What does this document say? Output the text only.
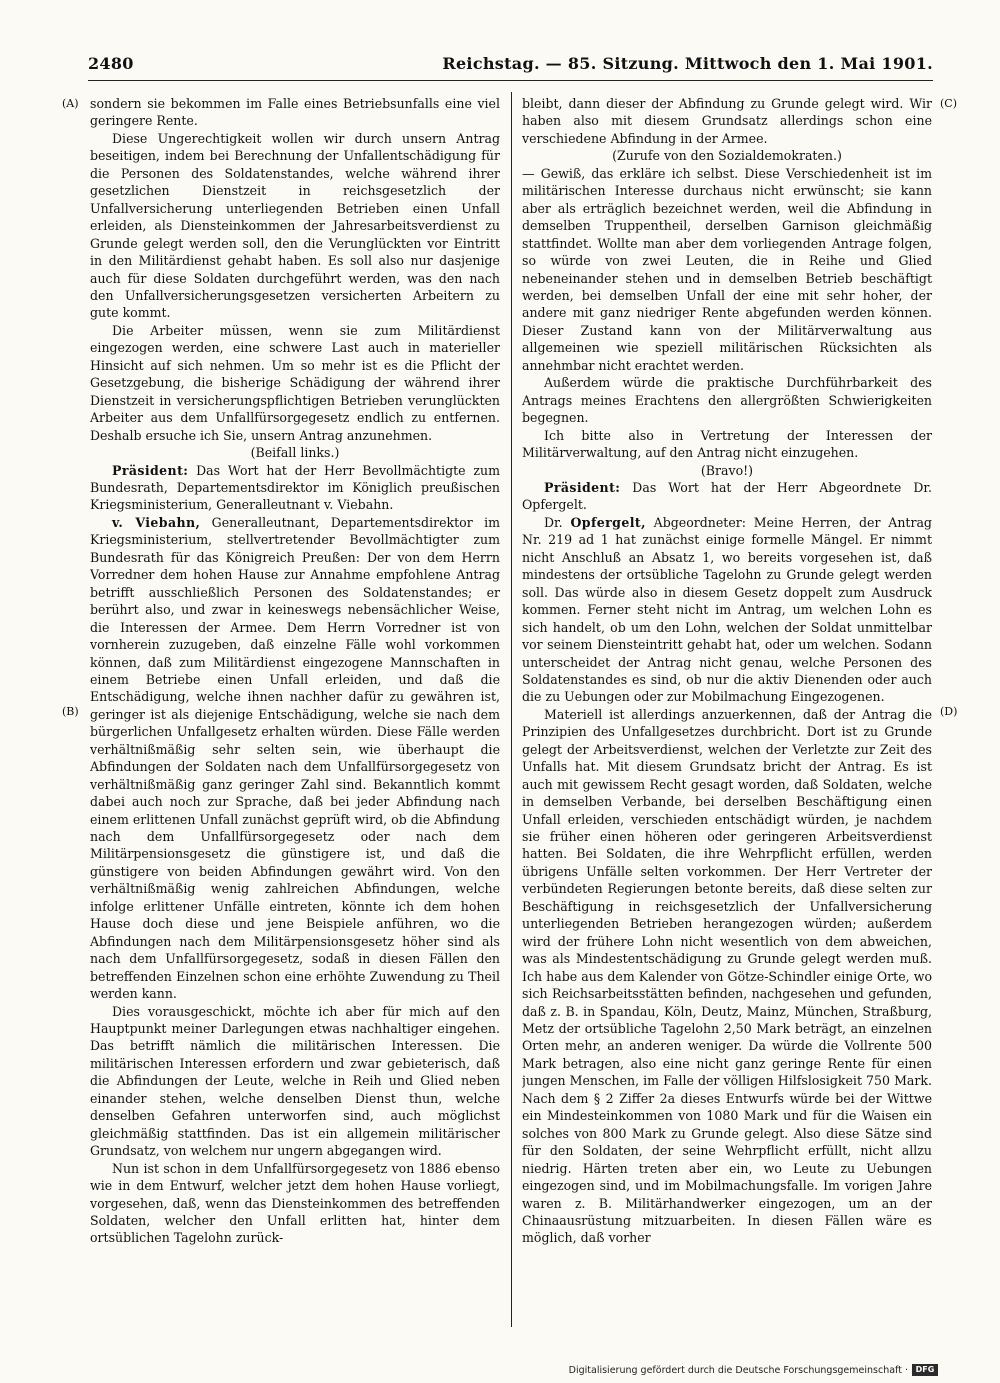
2480	Reichstag. — 85. Sitzung. Mittwoch den 1. Mai 1901.
(A)
(B)
(C)
(D)

sondern sie bekommen im Falle eines Betriebsunfalls eine viel geringere Rente.

Diese Ungerechtigkeit wollen wir durch unsern Antrag beseitigen, indem bei Berechnung der Unfallentschädigung für die Personen des Soldatenstandes, welche während ihrer gesetzlichen Dienstzeit in reichsgesetzlich der Unfallversicherung unterliegenden Betrieben einen Unfall erleiden, als Diensteinkommen der Jahresarbeitsverdienst zu Grunde gelegt werden soll, den die Verunglückten vor Eintritt in den Militärdienst gehabt haben. Es soll also nur dasjenige auch für diese Soldaten durchgeführt werden, was den nach den Unfallversicherungsgesetzen versicherten Arbeitern zu gute kommt.

Die Arbeiter müssen, wenn sie zum Militärdienst eingezogen werden, eine schwere Last auch in materieller Hinsicht auf sich nehmen. Um so mehr ist es die Pflicht der Gesetzgebung, die bisherige Schädigung der während ihrer Dienstzeit in versicherungspflichtigen Betrieben verunglückten Arbeiter aus dem Unfallfürsorgegesetz endlich zu entfernen. Deshalb ersuche ich Sie, unsern Antrag anzunehmen.

(Beifall links.)

Präsident: Das Wort hat der Herr Bevollmächtigte zum Bundesrath, Departementsdirektor im Königlich preußischen Kriegsministerium, Generalleutnant v. Viebahn.

v. Viebahn, Generalleutnant, Departementsdirektor im Kriegsministerium, stellvertretender Bevollmächtigter zum Bundesrath für das Königreich Preußen: Der von dem Herrn Vorredner dem hohen Hause zur Annahme empfohlene Antrag betrifft ausschließlich Personen des Soldatenstandes; er berührt also, und zwar in keineswegs nebensächlicher Weise, die Interessen der Armee. Dem Herrn Vorredner ist von vornherein zuzugeben, daß einzelne Fälle wohl vorkommen können, daß zum Militärdienst eingezogene Mannschaften in einem Betriebe einen Unfall erleiden, und daß die Entschädigung, welche ihnen nachher dafür zu gewähren ist, geringer ist als diejenige Entschädigung, welche sie nach dem bürgerlichen Unfallgesetz erhalten würden. Diese Fälle werden verhältnißmäßig sehr selten sein, wie überhaupt die Abfindungen der Soldaten nach dem Unfallfürsorgegesetz von verhältnißmäßig ganz geringer Zahl sind. Bekanntlich kommt dabei auch noch zur Sprache, daß bei jeder Abfindung nach einem erlittenen Unfall zunächst geprüft wird, ob die Abfindung nach dem Unfallfürsorgegesetz oder nach dem Militärpensionsgesetz die günstigere ist, und daß die günstigere von beiden Abfindungen gewährt wird. Von den verhältnißmäßig wenig zahlreichen Abfindungen, welche infolge erlittener Unfälle eintreten, könnte ich dem hohen Hause doch diese und jene Beispiele anführen, wo die Abfindungen nach dem Militärpensionsgesetz höher sind als nach dem Unfallfürsorgegesetz, sodaß in diesen Fällen den betreffenden Einzelnen schon eine erhöhte Zuwendung zu Theil werden kann.

Dies vorausgeschickt, möchte ich aber für mich auf den Hauptpunkt meiner Darlegungen etwas nachhaltiger eingehen. Das betrifft nämlich die militärischen Interessen. Die militärischen Interessen erfordern und zwar gebieterisch, daß die Abfindungen der Leute, welche in Reih und Glied neben einander stehen, welche denselben Dienst thun, welche denselben Gefahren unterworfen sind, auch möglichst gleichmäßig stattfinden. Das ist ein allgemein militärischer Grundsatz, von welchem nur ungern abgegangen wird.

Nun ist schon in dem Unfallfürsorgegesetz von 1886 ebenso wie in dem Entwurf, welcher jetzt dem hohen Hause vorliegt, vorgesehen, daß, wenn das Diensteinkommen des betreffenden Soldaten, welcher den Unfall erlitten hat, hinter dem ortsüblichen Tagelohn zurück-

bleibt, dann dieser der Abfindung zu Grunde gelegt wird. Wir haben also mit diesem Grundsatz allerdings schon eine verschiedene Abfindung in der Armee.

(Zurufe von den Sozialdemokraten.)

— Gewiß, das erkläre ich selbst. Diese Verschiedenheit ist im militärischen Interesse durchaus nicht erwünscht; sie kann aber als erträglich bezeichnet werden, weil die Abfindung in demselben Truppentheil, derselben Garnison gleichmäßig stattfindet. Wollte man aber dem vorliegenden Antrage folgen, so würde von zwei Leuten, die in Reihe und Glied nebeneinander stehen und in demselben Betrieb beschäftigt werden, bei demselben Unfall der eine mit sehr hoher, der andere mit ganz niedriger Rente abgefunden werden können. Dieser Zustand kann von der Militärverwaltung aus allgemeinen wie speziell militärischen Rücksichten als annehmbar nicht erachtet werden.

Außerdem würde die praktische Durchführbarkeit des Antrags meines Erachtens den allergrößten Schwierigkeiten begegnen.

Ich bitte also in Vertretung der Interessen der Militärverwaltung, auf den Antrag nicht einzugehen.

(Bravo!)

Präsident: Das Wort hat der Herr Abgeordnete Dr. Opfergelt.

Dr. Opfergelt, Abgeordneter: Meine Herren, der Antrag Nr. 219 ad 1 hat zunächst einige formelle Mängel. Er nimmt nicht Anschluß an Absatz 1, wo bereits vorgesehen ist, daß mindestens der ortsübliche Tagelohn zu Grunde gelegt werden soll. Das würde also in diesem Gesetz doppelt zum Ausdruck kommen. Ferner steht nicht im Antrag, um welchen Lohn es sich handelt, ob um den Lohn, welchen der Soldat unmittelbar vor seinem Diensteintritt gehabt hat, oder um welchen. Sodann unterscheidet der Antrag nicht genau, welche Personen des Soldatenstandes es sind, ob nur die aktiv Dienenden oder auch die zu Uebungen oder zur Mobilmachung Eingezogenen.

Materiell ist allerdings anzuerkennen, daß der Antrag die Prinzipien des Unfallgesetzes durchbricht. Dort ist zu Grunde gelegt der Arbeitsverdienst, welchen der Verletzte zur Zeit des Unfalls hat. Mit diesem Grundsatz bricht der Antrag. Es ist auch mit gewissem Recht gesagt worden, daß Soldaten, welche in demselben Verbande, bei derselben Beschäftigung einen Unfall erleiden, verschieden entschädigt würden, je nachdem sie früher einen höheren oder geringeren Arbeitsverdienst hatten. Bei Soldaten, die ihre Wehrpflicht erfüllen, werden übrigens Unfälle selten vorkommen. Der Herr Vertreter der verbündeten Regierungen betonte bereits, daß diese selten zur Beschäftigung in reichsgesetzlich der Unfallversicherung unterliegenden Betrieben herangezogen würden; außerdem wird der frühere Lohn nicht wesentlich von dem abweichen, was als Mindestentschädigung zu Grunde gelegt werden muß. Ich habe aus dem Kalender von Götze-Schindler einige Orte, wo sich Reichsarbeitsstätten befinden, nachgesehen und gefunden, daß z. B. in Spandau, Köln, Deutz, Mainz, München, Straßburg, Metz der ortsübliche Tagelohn 2,50 Mark beträgt, an einzelnen Orten mehr, an anderen weniger. Da würde die Vollrente 500 Mark betragen, also eine nicht ganz geringe Rente für einen jungen Menschen, im Falle der völligen Hilfslosigkeit 750 Mark. Nach dem § 2 Ziffer 2a dieses Entwurfs würde bei der Wittwe ein Mindesteinkommen von 1080 Mark und für die Waisen ein solches von 800 Mark zu Grunde gelegt. Also diese Sätze sind für den Soldaten, der seine Wehrpflicht erfüllt, nicht allzu niedrig. Härten treten aber ein, wo Leute zu Uebungen eingezogen sind, und im Mobilmachungsfalle. Im vorigen Jahre waren z. B. Militärhandwerker eingezogen, um an der Chinaausrüstung mitzuarbeiten. In diesen Fällen wäre es möglich, daß vorher

Digitalisierung gefördert durch die Deutsche Forschungsgemeinschaft · DFG
